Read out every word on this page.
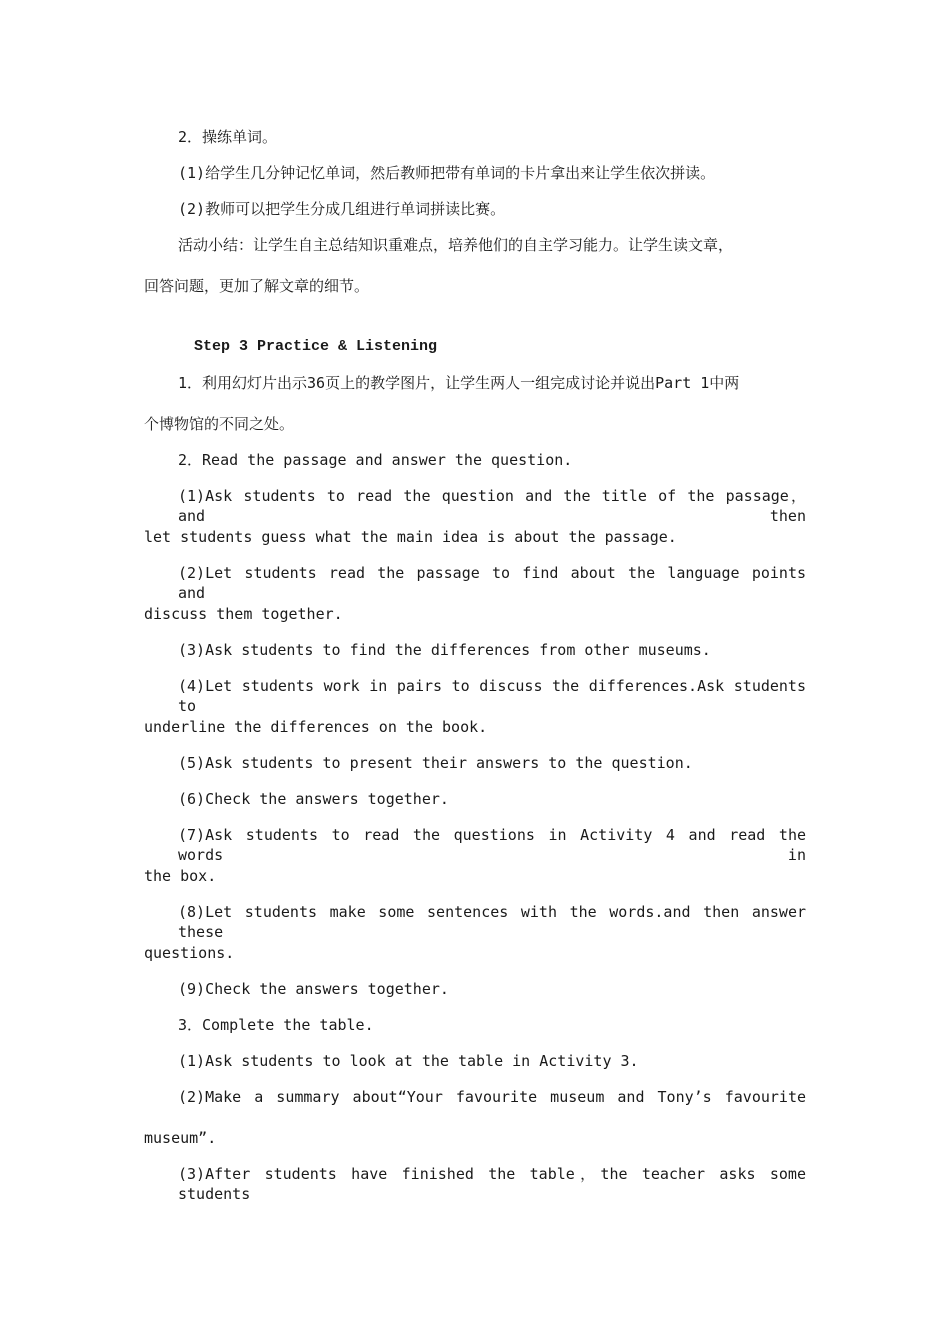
2．操练单词。
(1)给学生几分钟记忆单词，然后教师把带有单词的卡片拿出来让学生依次拼读。
(2)教师可以把学生分成几组进行单词拼读比赛。
活动小结：让学生自主总结知识重难点，培养他们的自主学习能力。让学生读文章，
回答问题，更加了解文章的细节。
Step 3 Practice & Listening
1．利用幻灯片出示36页上的教学图片，让学生两人一组完成讨论并说出Part 1中两
个博物馆的不同之处。
2．Read the passage and answer the question.
(1)Ask students to read the question and the title of the passage，and then
let students guess what the main idea is about the passage.
(2)Let students read the passage to find about the language points and
discuss them together.
(3)Ask students to find the differences from other museums.
(4)Let students work in pairs to discuss the differences.Ask students to
underline the differences on the book.
(5)Ask students to present their answers to the question.
(6)Check the answers together.
(7)Ask students to read the questions in Activity 4 and read the words in
the box.
(8)Let students make some sentences with the words.and then answer these
questions.
(9)Check the answers together.
3．Complete the table.
(1)Ask students to look at the table in Activity 3.
(2)Make a summary about“Your favourite museum and Tony’s favourite
museum”.
(3)After students have finished the table，the teacher asks some students
